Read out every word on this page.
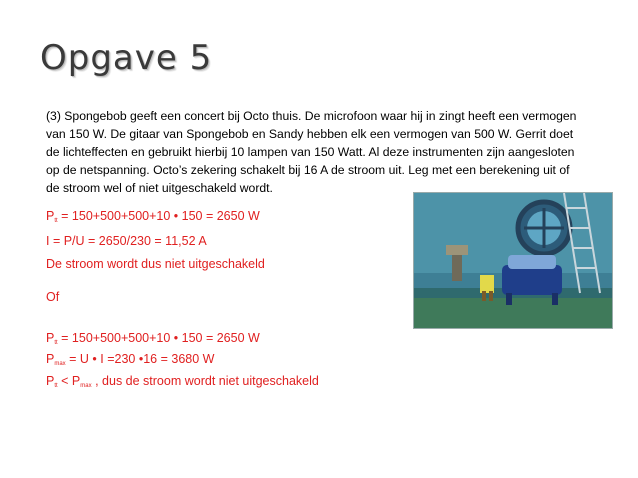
Opgave 5

(3) Spongebob geeft een concert bij Octo thuis. De microfoon waar hij in zingt heeft een vermogen van 150 W. De gitaar van Spongebob en Sandy hebben elk een vermogen van 500 W. Gerrit doet de lichteffecten en gebruikt hierbij 10 lampen van 150 Watt. Al deze instrumenten zijn aangesloten op de netspanning. Octo’s zekering schakelt bij 16 A de stroom uit. Leg met een berekening uit of de stroom wel of niet uitgeschakeld wordt.

$P_{tt} = 150+500+500+10$ • 150 = 2650 W
I = P/U = 2650/230 = 11,52 A
De stroom wordt dus niet uitgeschakeld
Of
$P_{tt} = 150+500+500+10$ • 150 = 2650 W
$P_{max} = U$ • I =230 •16 = 3680 W
$P_{tt} < P_{max}$ , dus de stroom wordt niet uitgeschakeld
